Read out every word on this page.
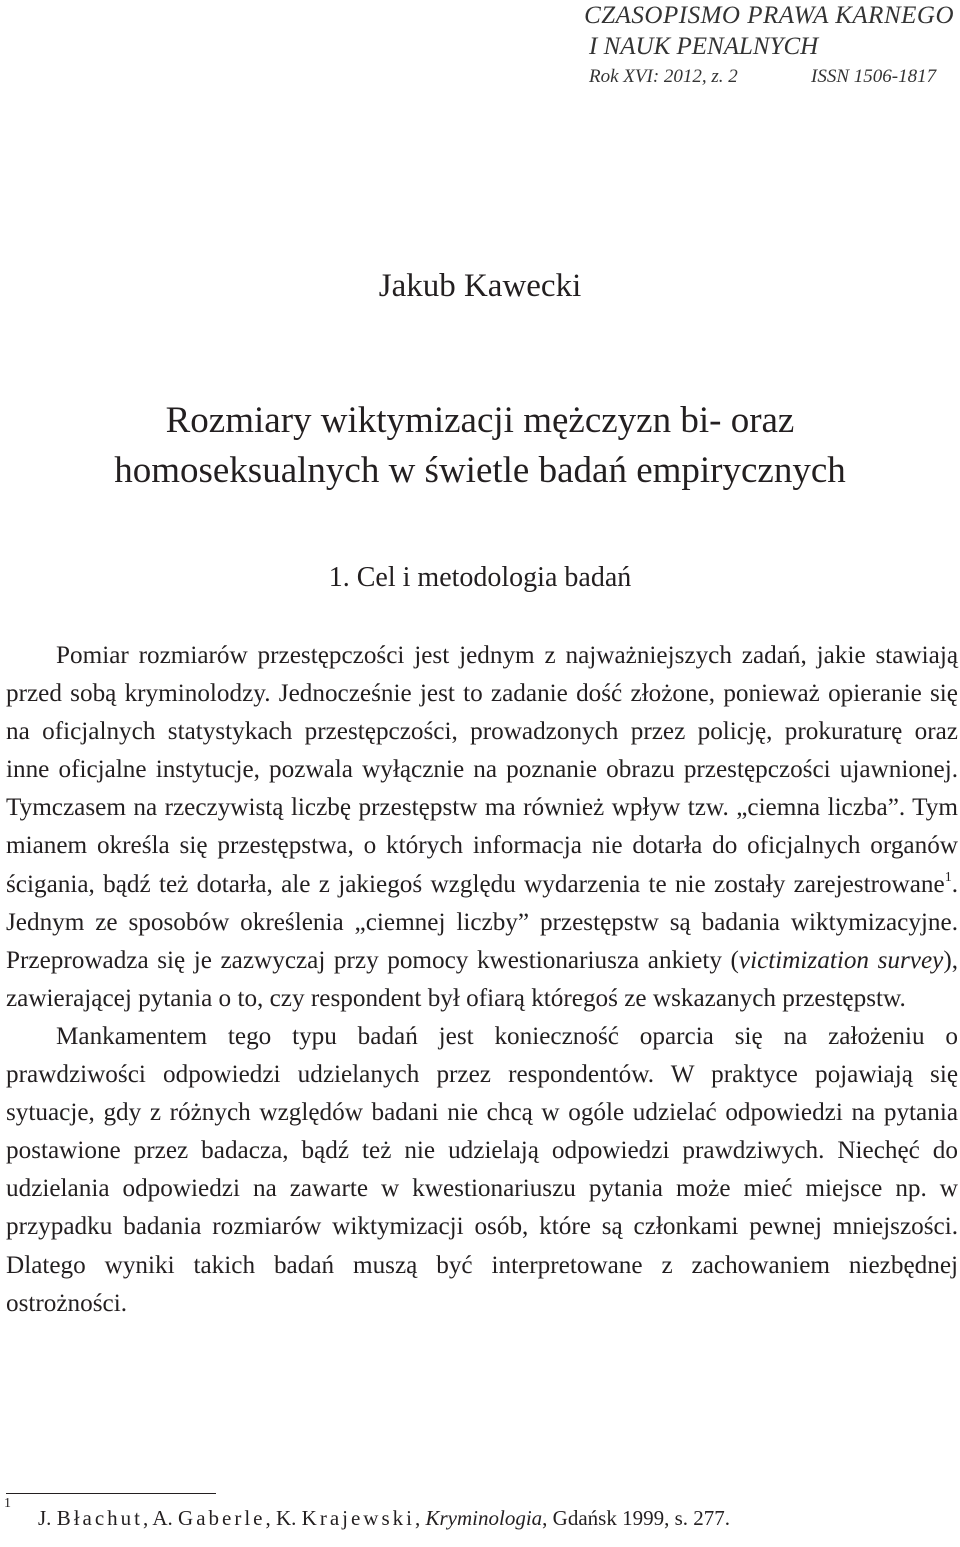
CZASOPISMO PRAWA KARNEGO
I NAUK PENALNYCH
Rok XVI: 2012, z. 2	ISSN 1506-1817
Jakub Kawecki
Rozmiary wiktymizacji mężczyzn bi- oraz
homoseksualnych w świetle badań empirycznych
1. Cel i metodologia badań

Pomiar rozmiarów przestępczości jest jednym z najważniejszych zadań, jakie stawiają przed sobą kryminolodzy. Jednocześnie jest to zadanie dość złożone, ponieważ opieranie się na oficjalnych statystykach przestępczości, prowadzonych przez policję, prokuraturę oraz inne oficjalne instytucje, pozwala wyłącznie na poznanie obrazu przestępczości ujawnionej. Tymczasem na rzeczywistą liczbę przestępstw ma również wpływ tzw. „ciemna liczba”. Tym mianem określa się przestępstwa, o których informacja nie dotarła do oficjalnych organów ścigania, bądź też dotarła, ale z jakiegoś względu wydarzenia te nie zostały zarejestrowane$^1$. Jednym ze sposobów określenia „ciemnej liczby” przestępstw są badania wiktymizacyjne. Przeprowadza się je zazwyczaj przy pomocy kwestionariusza ankiety (victimization survey), zawierającej pytania o to, czy respondent był ofiarą któregoś ze wskazanych przestępstw.

Mankamentem tego typu badań jest konieczność oparcia się na założeniu o prawdziwości odpowiedzi udzielanych przez respondentów. W praktyce pojawiają się sytuacje, gdy z różnych względów badani nie chcą w ogóle udzielać odpowiedzi na pytania postawione przez badacza, bądź też nie udzielają odpowiedzi prawdziwych. Niechęć do udzielania odpowiedzi na zawarte w kwestionariuszu pytania może mieć miejsce np. w przypadku badania rozmiarów wiktymizacji osób, które są członkami pewnej mniejszości. Dlatego wyniki takich badań muszą być interpretowane z zachowaniem niezbędnej ostrożności.

1
J. Błachut, A. Gaberle, K. Krajewski, Kryminologia, Gdańsk 1999, s. 277.
